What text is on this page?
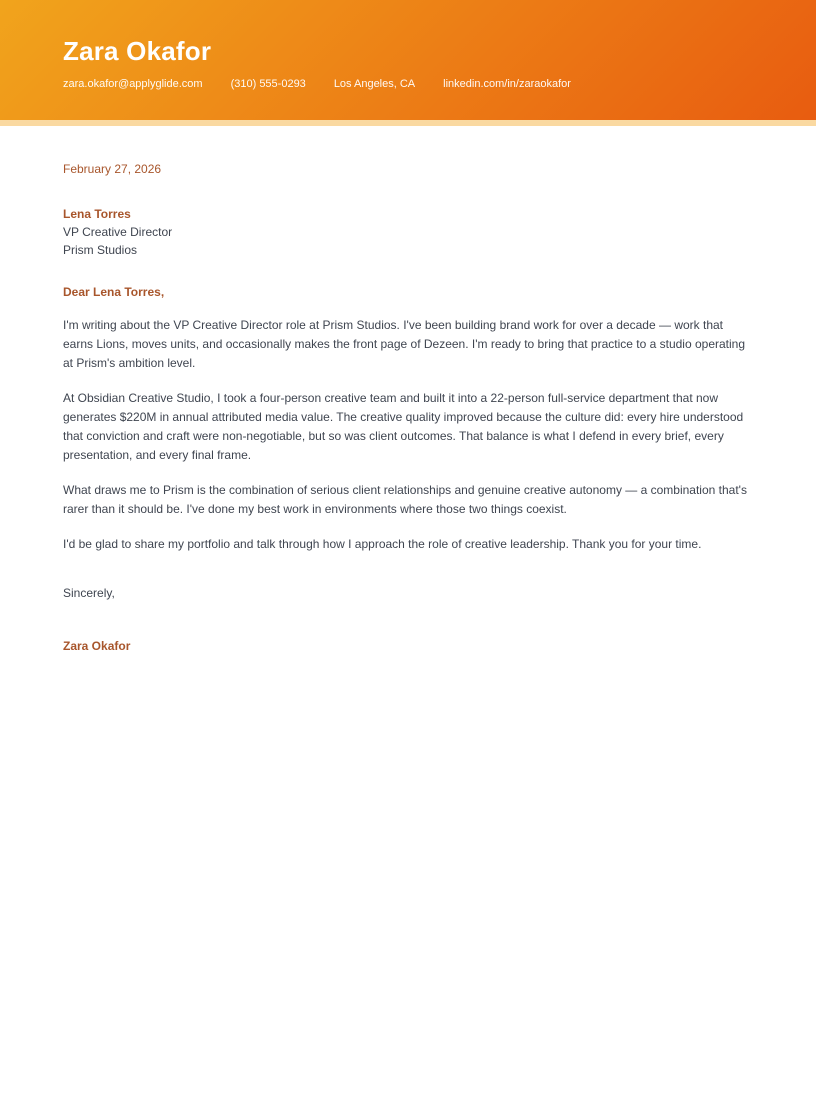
Zara Okafor
zara.okafor@applyglide.com	(310) 555-0293	Los Angeles, CA	linkedin.com/in/zaraokafor
February 27, 2026
Lena Torres
VP Creative Director
Prism Studios
Dear Lena Torres,

I'm writing about the VP Creative Director role at Prism Studios. I've been building brand work for over a decade — work that earns Lions, moves units, and occasionally makes the front page of Dezeen. I'm ready to bring that practice to a studio operating at Prism's ambition level.

At Obsidian Creative Studio, I took a four-person creative team and built it into a 22-person full-service department that now generates $220M in annual attributed media value. The creative quality improved because the culture did: every hire understood that conviction and craft were non-negotiable, but so was client outcomes. That balance is what I defend in every brief, every presentation, and every final frame.

What draws me to Prism is the combination of serious client relationships and genuine creative autonomy — a combination that's rarer than it should be. I've done my best work in environments where those two things coexist.

I'd be glad to share my portfolio and talk through how I approach the role of creative leadership. Thank you for your time.

Sincerely,
Zara Okafor
